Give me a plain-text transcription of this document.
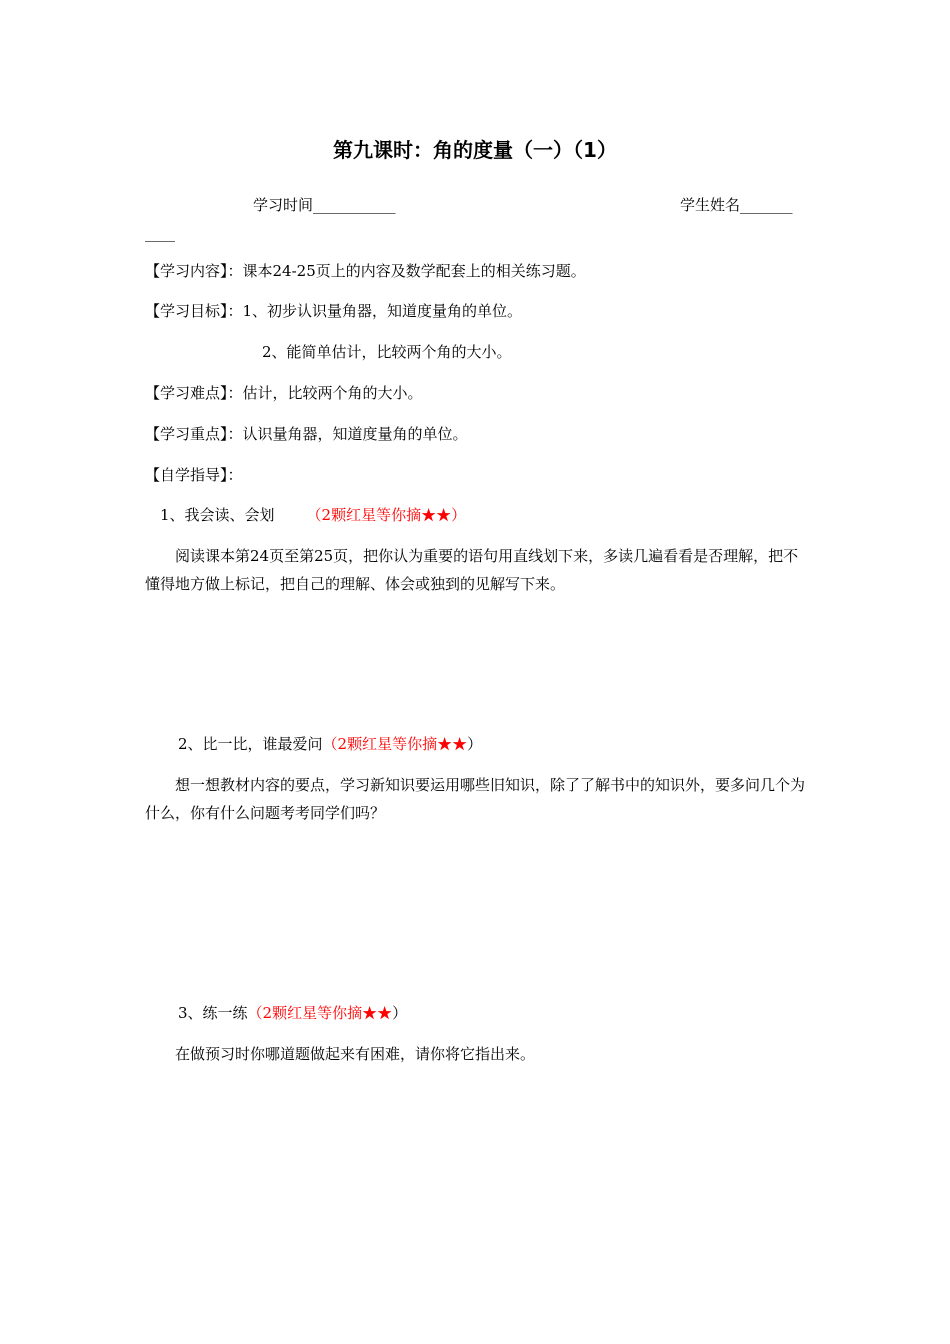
第九课时：角的度量（一）（1）
学习时间___________	学生姓名_______
____
【学习内容】：课本24-25页上的内容及数学配套上的相关练习题。
【学习目标】：1、初步认识量角器，知道度量角的单位。
2、能简单估计，比较两个角的大小。
【学习难点】：估计，比较两个角的大小。
【学习重点】：认识量角器，知道度量角的单位。
【自学指导】：
1、我会读、会划 （2颗红星等你摘★★）
阅读课本第24页至第25页，把你认为重要的语句用直线划下来，多读几遍看看是否理解，把不懂得地方做上标记，把自己的理解、体会或独到的见解写下来。
2、比一比，谁最爱问（2颗红星等你摘★★）
想一想教材内容的要点，学习新知识要运用哪些旧知识，除了了解书中的知识外，要多问几个为什么，你有什么问题考考同学们吗？
3、练一练（2颗红星等你摘★★）
在做预习时你哪道题做起来有困难，请你将它指出来。
